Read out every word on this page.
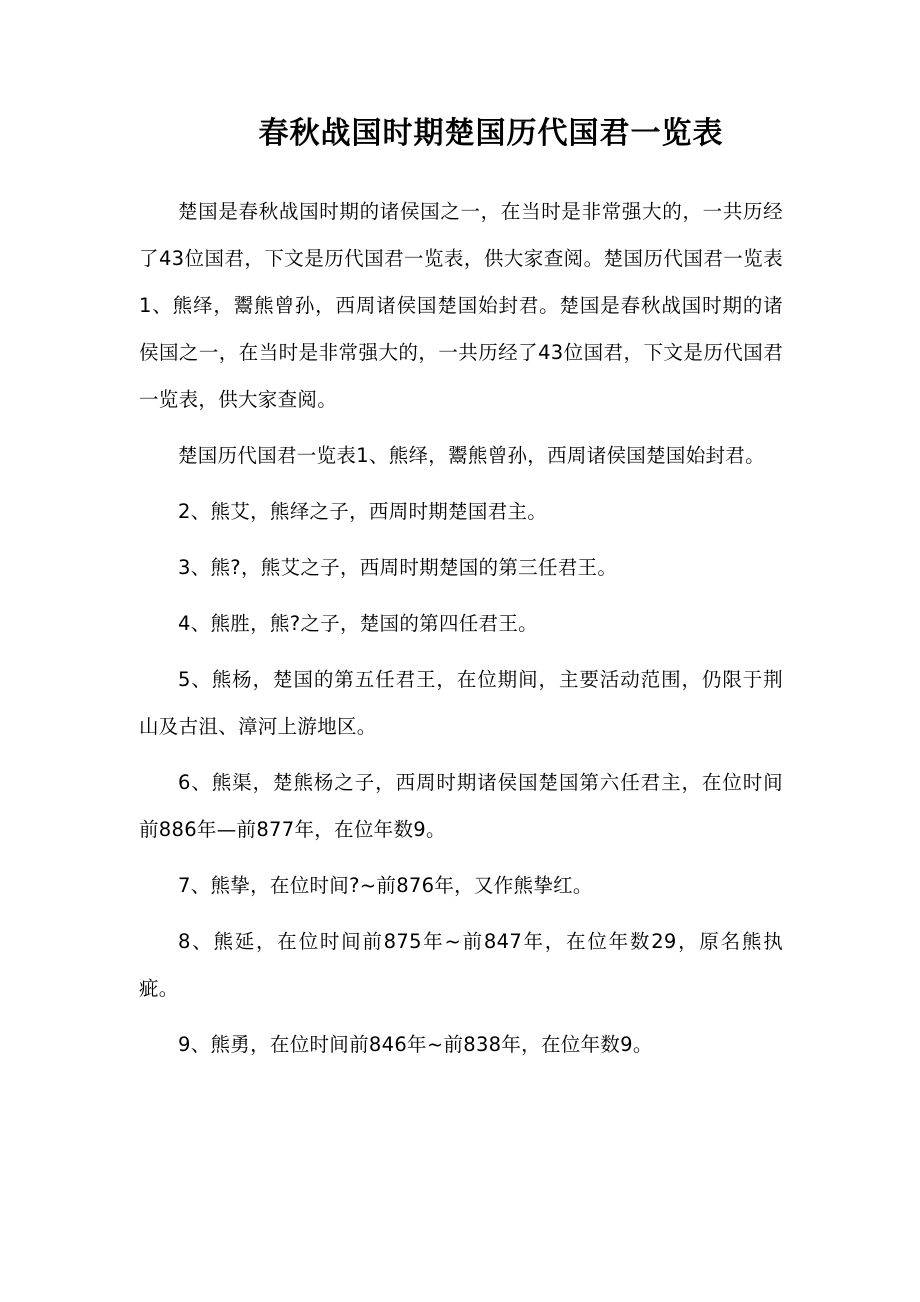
春秋战国时期楚国历代国君一览表

楚国是春秋战国时期的诸侯国之一，在当时是非常强大的，一共历经了43位国君，下文是历代国君一览表，供大家查阅。楚国历代国君一览表1、熊绎，鬻熊曾孙，西周诸侯国楚国始封君。楚国是春秋战国时期的诸侯国之一，在当时是非常强大的，一共历经了43位国君，下文是历代国君一览表，供大家查阅。

楚国历代国君一览表1、熊绎，鬻熊曾孙，西周诸侯国楚国始封君。

2、熊艾，熊绎之子，西周时期楚国君主。

3、熊?，熊艾之子，西周时期楚国的第三任君王。

4、熊胜，熊?之子，楚国的第四任君王。

5、熊杨，楚国的第五任君王，在位期间，主要活动范围，仍限于荆山及古沮、漳河上游地区。

6、熊渠，楚熊杨之子，西周时期诸侯国楚国第六任君主，在位时间前886年—前877年，在位年数9。

7、熊挚，在位时间?~前876年，又作熊挚红。

8、熊延，在位时间前875年~前847年，在位年数29，原名熊执疵。

9、熊勇，在位时间前846年~前838年，在位年数9。
